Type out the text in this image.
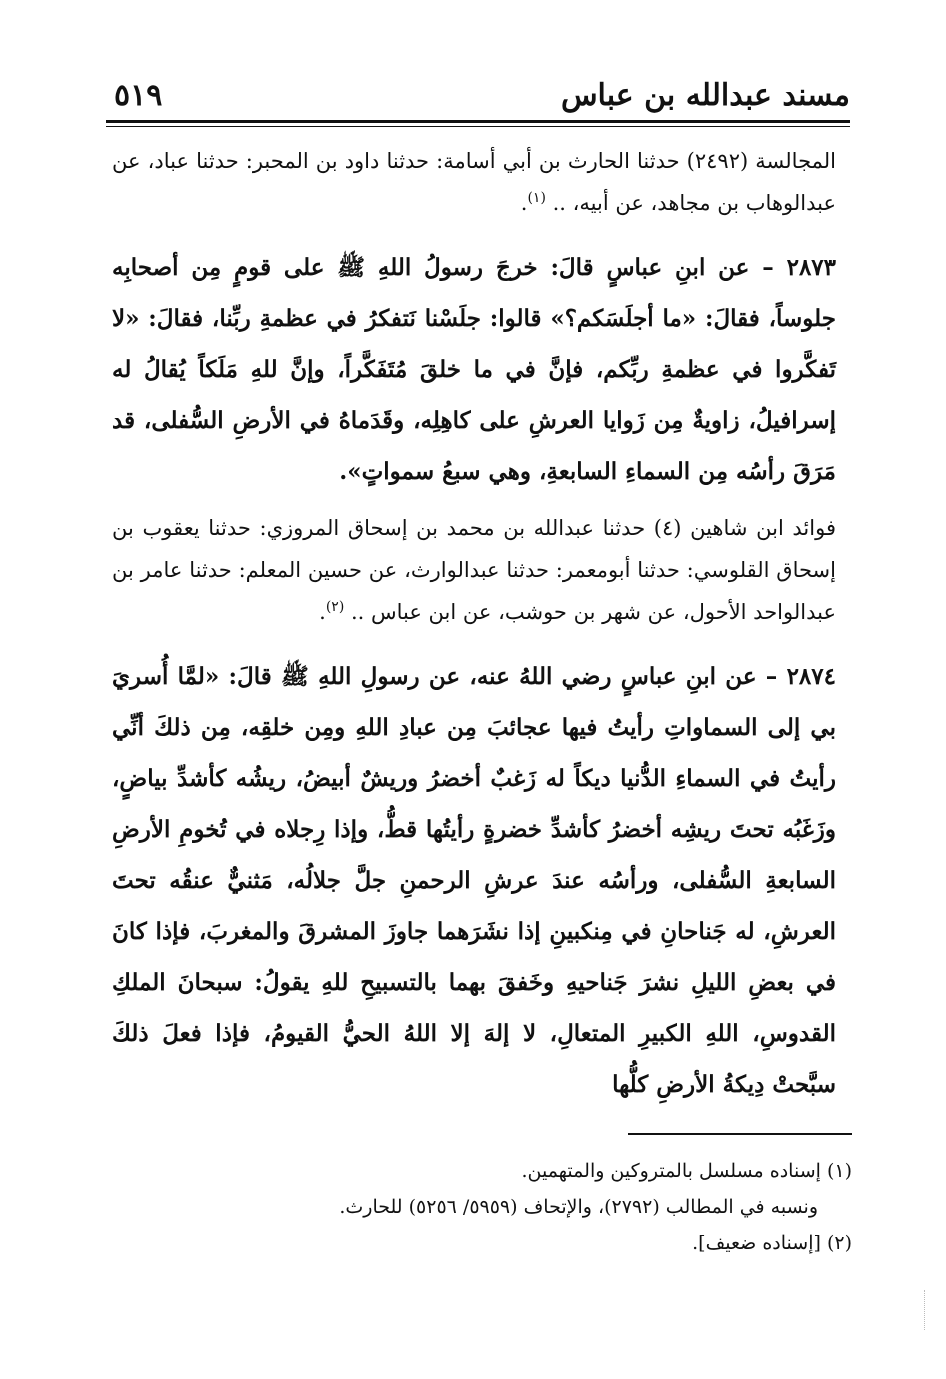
مسند عبدالله بن عباس
٥١٩

المجالسة (٢٤٩٢) حدثنا الحارث بن أبي أسامة: حدثنا داود بن المحبر: حدثنا عباد، عن عبدالوهاب بن مجاهد، عن أبيه، .. $^{(١)}$.

٢٨٧٣ – عن ابنِ عباسٍ قالَ: خرجَ رسولُ اللهِ ﷺ على قومٍ مِن أصحابِه جلوساً، فقالَ: «ما أجلَسَكم؟» قالوا: جلَسْنا نَتفكرُ في عظمةِ ربِّنا، فقالَ: «لا تَفكَّروا في عظمةِ ربِّكم، فإنَّ في ما خلقَ مُتَفَكَّراً، وإنَّ للهِ مَلَكاً يُقالُ له إسرافيلُ، زاويةٌ مِن زَوايا العرشِ على كاهِلِه، وقَدَماهُ في الأرضِ السُّفلى، قد مَرَقَ رأسُه مِن السماءِ السابعةِ، وهي سبعُ سمواتٍ».

فوائد ابن شاهين (٤) حدثنا عبدالله بن محمد بن إسحاق المروزي: حدثنا يعقوب بن إسحاق القلوسي: حدثنا أبومعمر: حدثنا عبدالوارث، عن حسين المعلم: حدثنا عامر بن عبدالواحد الأحول، عن شهر بن حوشب، عن ابن عباس .. $^{(٢)}$.

٢٨٧٤ – عن ابنِ عباسٍ رضي اللهُ عنه، عن رسولِ اللهِ ﷺ قالَ: «لمَّا أُسريَ بي إلى السماواتِ رأيتُ فيها عجائبَ مِن عبادِ اللهِ ومِن خلقِه، مِن ذلكَ أنِّي رأيتُ في السماءِ الدُّنيا ديكاً له زَغبٌ أخضرُ وريشٌ أبيضُ، ريشُه كأشدِّ بياضٍ، وزَغَبُه تحتَ ريشِه أخضرُ كأشدِّ خضرةٍ رأيتُها قطُّ، وإذا رِجلاه في تُخومِ الأرضِ السابعةِ السُّفلى، ورأسُه عندَ عرشِ الرحمنِ جلَّ جلالُه، مَثنيٌّ عنقُه تحتَ العرشِ، له جَناحانِ في مِنكبينِ إذا نشَرَهما جاوزَ المشرقَ والمغربَ، فإذا كانَ في بعضِ الليلِ نشرَ جَناحيهِ وخَفقَ بهما بالتسبيحِ للهِ يقولُ: سبحانَ الملكِ القدوسِ، اللهِ الكبيرِ المتعالِ، لا إلهَ إلا اللهُ الحيُّ القيومُ، فإذا فعلَ ذلكَ سبَّحتْ دِيكةُ الأرضِ كلُّها

(١) إسناده مسلسل بالمتروكين والمتهمين.

ونسبه في المطالب (٢٧٩٢)، والإتحاف (٥٩٥٩/ ٥٢٥٦) للحارث.

(٢) [إسناده ضعيف].
